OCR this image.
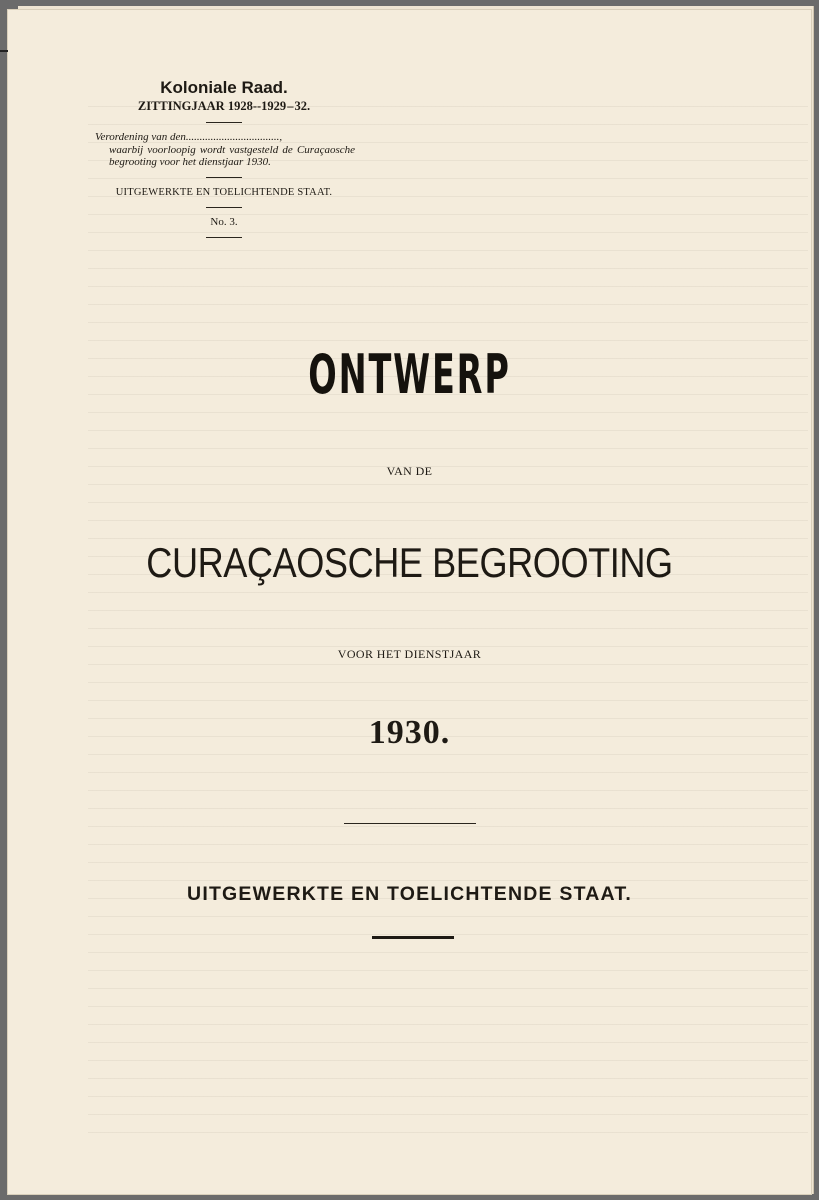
Koloniale Raad.

ZITTINGJAAR 1928--1929 – 32.

Verordening van den..................................,
waarbij voorloopig wordt vastgesteld de Curaçaosche begrooting voor het dienstjaar 1930.

UITGEWERKTE EN TOELICHTENDE STAAT.

No. 3.

ONTWERP
VAN DE
CURAÇAOSCHE BEGROOTING
VOOR HET DIENSTJAAR
1930.
UITGEWERKTE EN TOELICHTENDE STAAT.
